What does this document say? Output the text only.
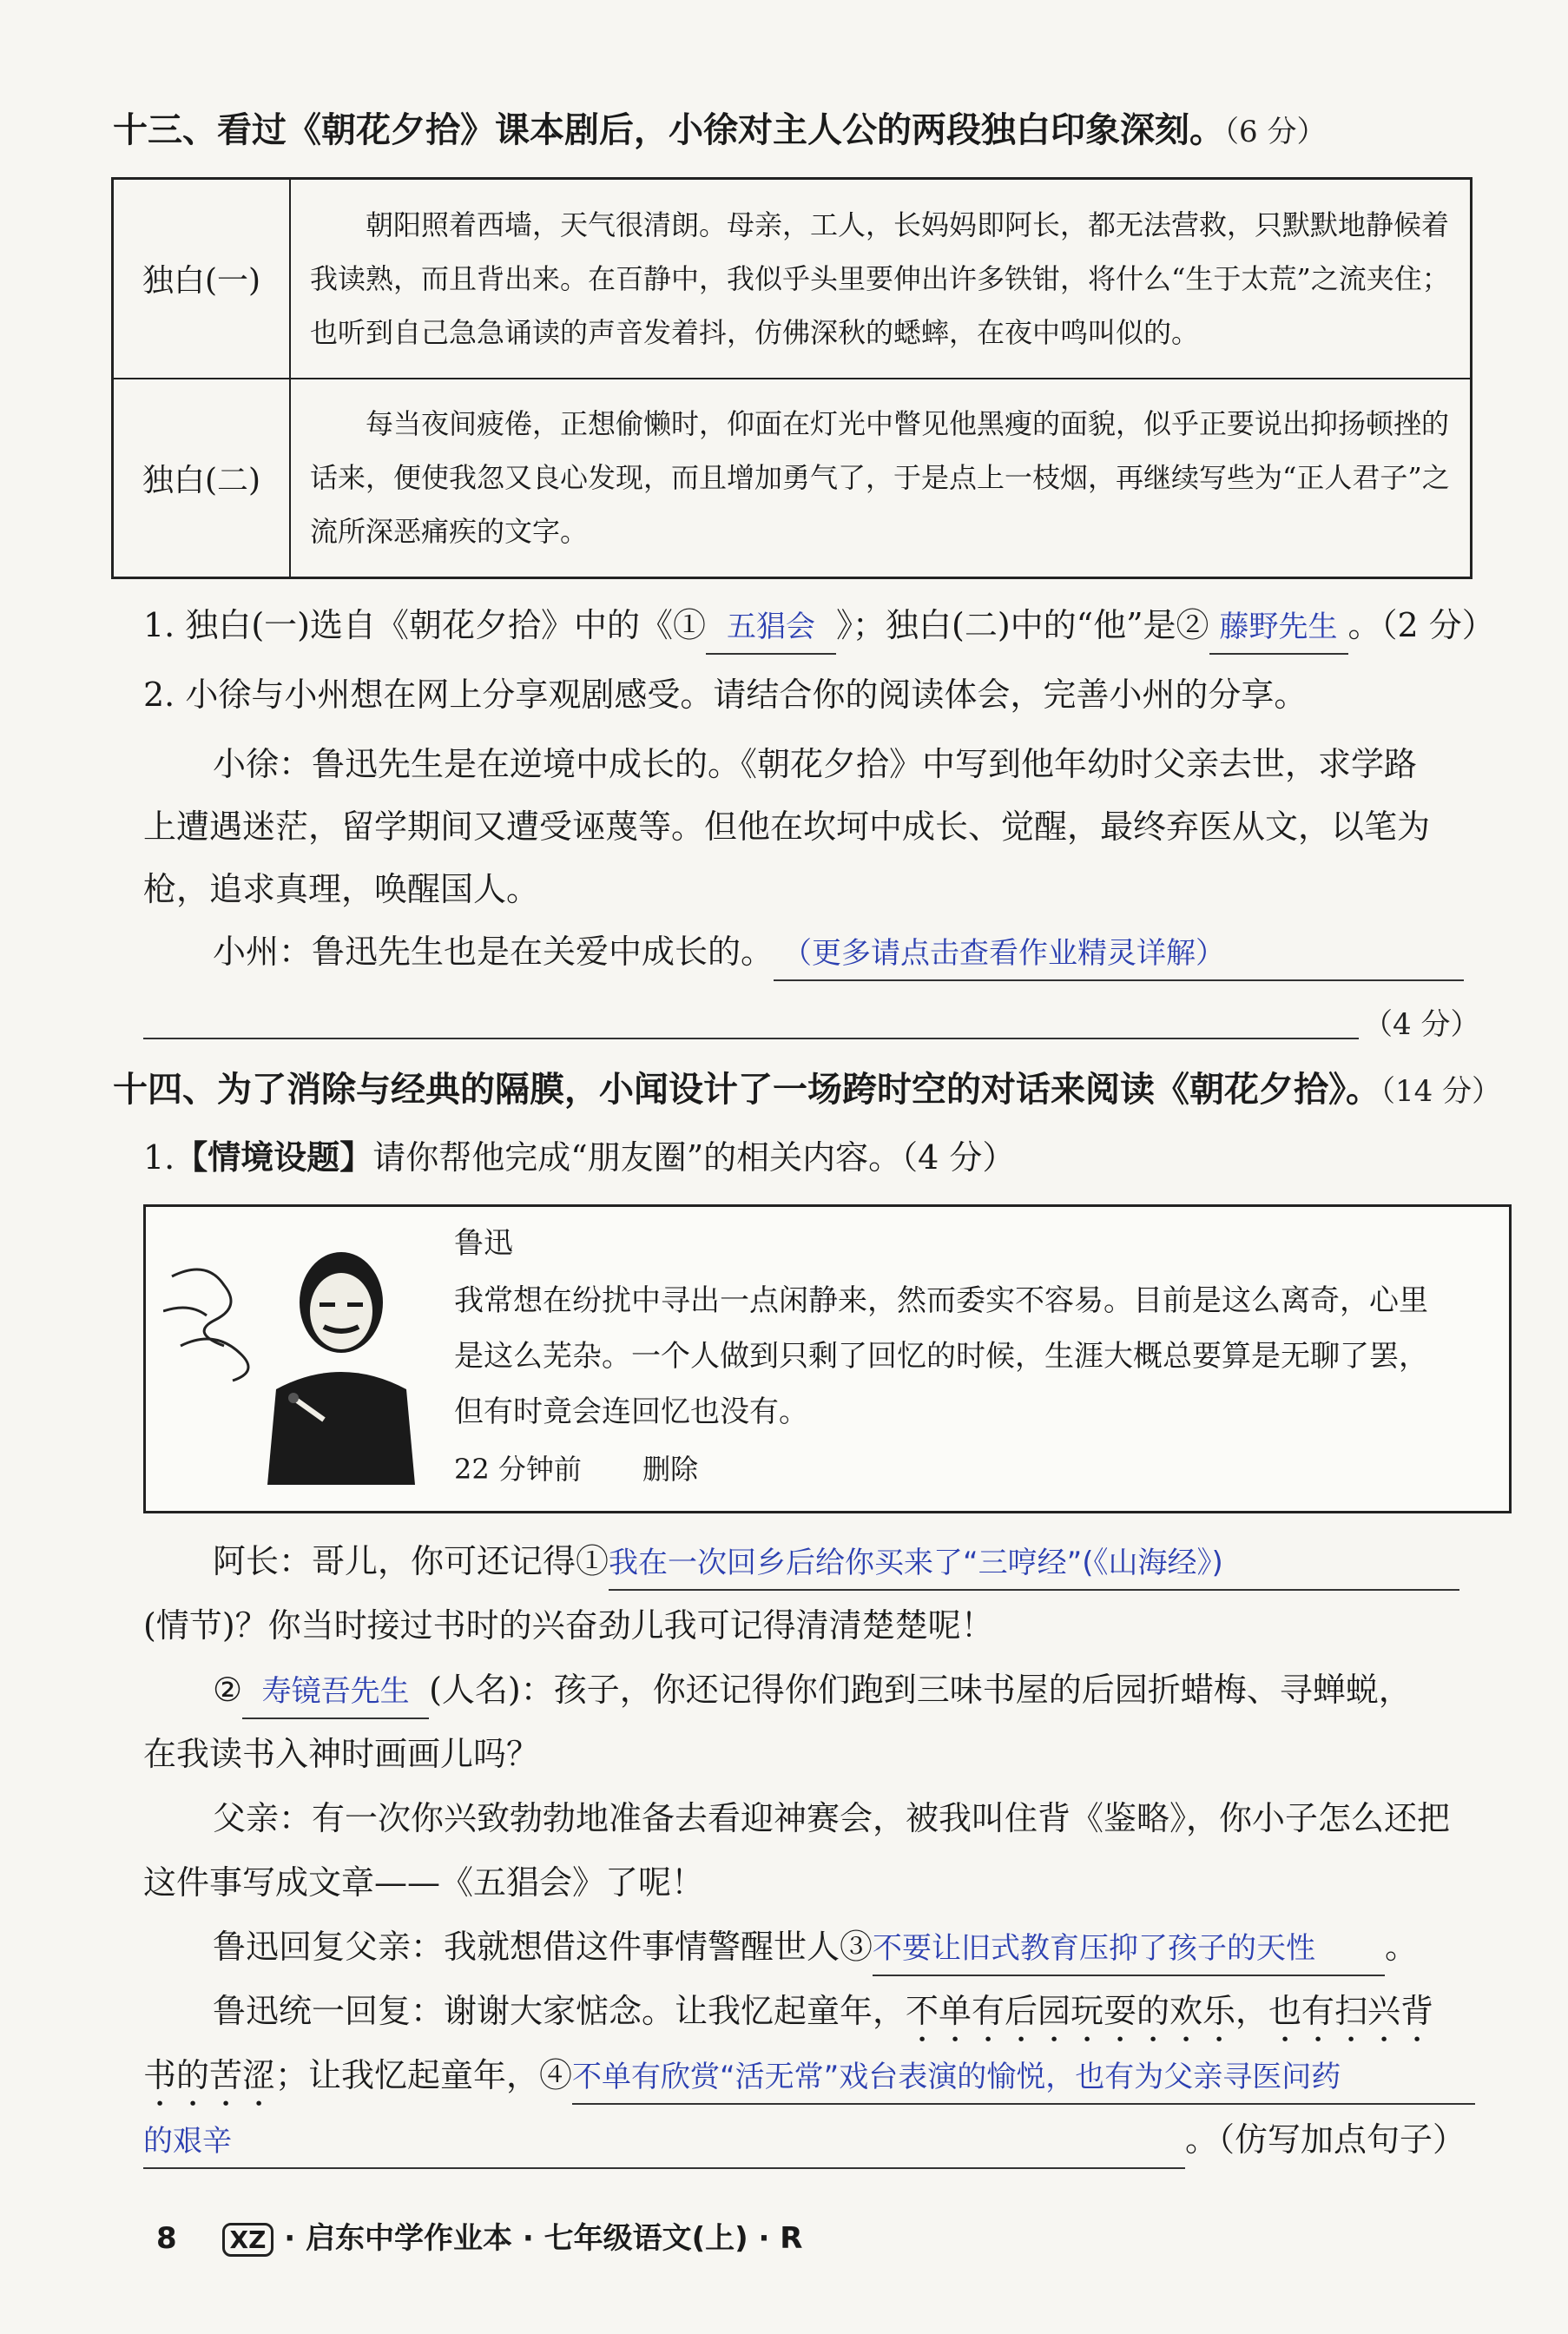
十三、看过《朝花夕拾》课本剧后，小徐对主人公的两段独白印象深刻。（6 分）
独白(一)	朝阳照着西墙，天气很清朗。母亲，工人，长妈妈即阿长，都无法营救，只默默地静候着我读熟，而且背出来。在百静中，我似乎头里要伸出许多铁钳，将什么“生于太荒”之流夹住；也听到自己急急诵读的声音发着抖，仿佛深秋的蟋蟀，在夜中鸣叫似的。
独白(二)	每当夜间疲倦，正想偷懒时，仰面在灯光中瞥见他黑瘦的面貌，似乎正要说出抑扬顿挫的话来，便使我忽又良心发现，而且增加勇气了，于是点上一枝烟，再继续写些为“正人君子”之流所深恶痛疾的文字。
1. 独白(一)选自《朝花夕拾》中的《① 五猖会 》；独白(二)中的“他”是② 藤野先生 。（2 分）
2. 小徐与小州想在网上分享观剧感受。请结合你的阅读体会，完善小州的分享。
小徐：鲁迅先生是在逆境中成长的。《朝花夕拾》中写到他年幼时父亲去世，求学路
上遭遇迷茫，留学期间又遭受诬蔑等。但他在坎坷中成长、觉醒，最终弃医从文，以笔为
枪，追求真理，唤醒国人。
小州：鲁迅先生也是在关爱中成长的。 （更多请点击查看作业精灵详解）
（4 分）
十四、为了消除与经典的隔膜，小闻设计了一场跨时空的对话来阅读《朝花夕拾》。（14 分）
1.【情境设题】请你帮他完成“朋友圈”的相关内容。（4 分）
鲁迅
我常想在纷扰中寻出一点闲静来，然而委实不容易。目前是这么离奇，心里
是这么芜杂。一个人做到只剩了回忆的时候，生涯大概总要算是无聊了罢，
但有时竟会连回忆也没有。
22 分钟前 删除
阿长：哥儿，你可还记得①我在一次回乡后给你买来了“三哼经”(《山海经》)
(情节)？你当时接过书时的兴奋劲儿我可记得清清楚楚呢！
② 寿镜吾先生 (人名)：孩子，你还记得你们跑到三味书屋的后园折蜡梅、寻蝉蜕，
在我读书入神时画画儿吗？
父亲：有一次你兴致勃勃地准备去看迎神赛会，被我叫住背《鉴略》，你小子怎么还把
这件事写成文章——《五猖会》了呢！
鲁迅回复父亲：我就想借这件事情警醒世人③不要让旧式教育压抑了孩子的天性 。
鲁迅统一回复：谢谢大家惦念。让我忆起童年，不单有后园玩耍的欢乐，也有扫兴背
书的苦涩；让我忆起童年，④不单有欣赏“活无常”戏台表演的愉悦，也有为父亲寻医问药
的艰辛	。（仿写加点句子）
8 XZ · 启东中学作业本 · 七年级语文(上) · R
